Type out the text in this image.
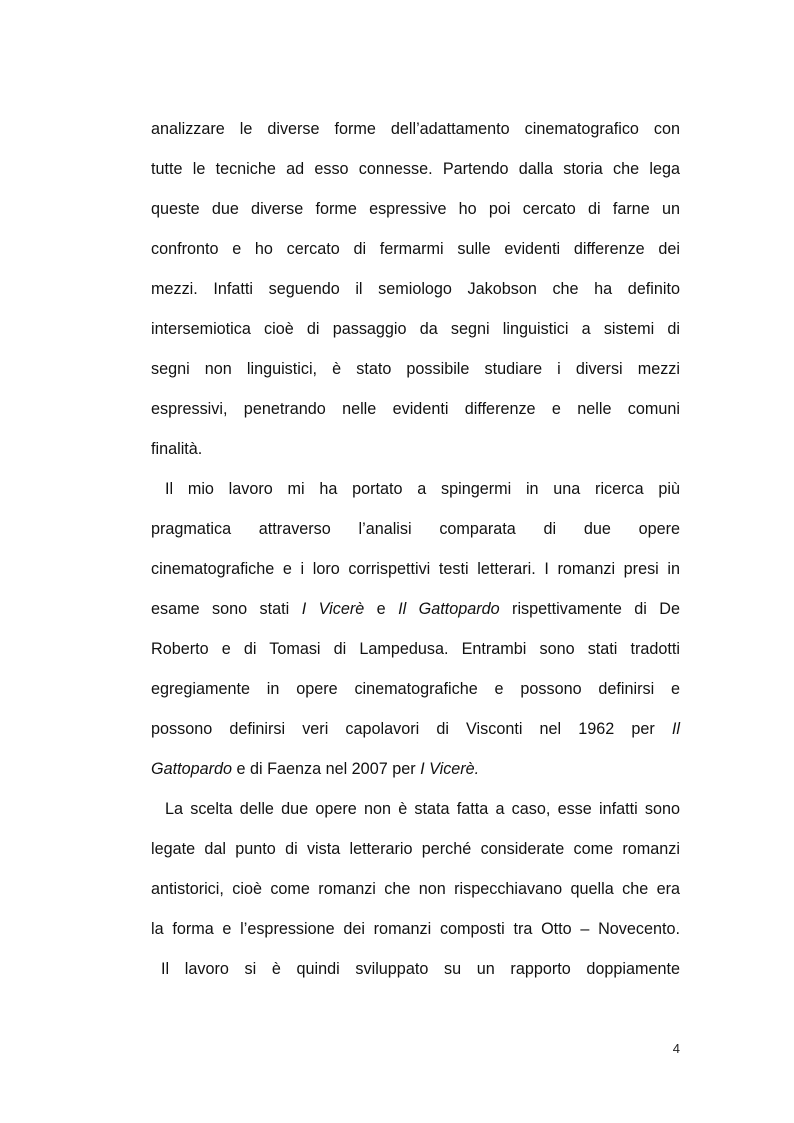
analizzare le diverse forme dell’adattamento cinematografico con
tutte le tecniche ad esso connesse. Partendo dalla storia che lega
queste due diverse forme espressive ho poi cercato di farne un
confronto e ho cercato di fermarmi sulle evidenti differenze dei
mezzi. Infatti seguendo il semiologo Jakobson che ha definito
intersemiotica cioè di passaggio da segni linguistici a sistemi di
segni non linguistici, è stato possibile studiare i diversi mezzi
espressivi, penetrando nelle evidenti differenze e nelle comuni
finalità.
Il mio lavoro mi ha portato a spingermi in una ricerca più
pragmatica attraverso l’analisi comparata di due opere
cinematografiche e i loro corrispettivi testi letterari. I romanzi presi in
esame sono stati I Vicerè e Il Gattopardo rispettivamente di De
Roberto e di Tomasi di Lampedusa. Entrambi sono stati tradotti
egregiamente in opere cinematografiche e possono definirsi e
possono definirsi veri capolavori di Visconti nel 1962 per Il
Gattopardo e di Faenza nel 2007 per I Vicerè.
La scelta delle due opere non è stata fatta a caso, esse infatti sono
legate dal punto di vista letterario perché considerate come romanzi
antistorici, cioè come romanzi che non rispecchiavano quella che era
la forma e l’espressione dei romanzi composti tra Otto – Novecento.
Il lavoro si è quindi sviluppato su un rapporto doppiamente
4
